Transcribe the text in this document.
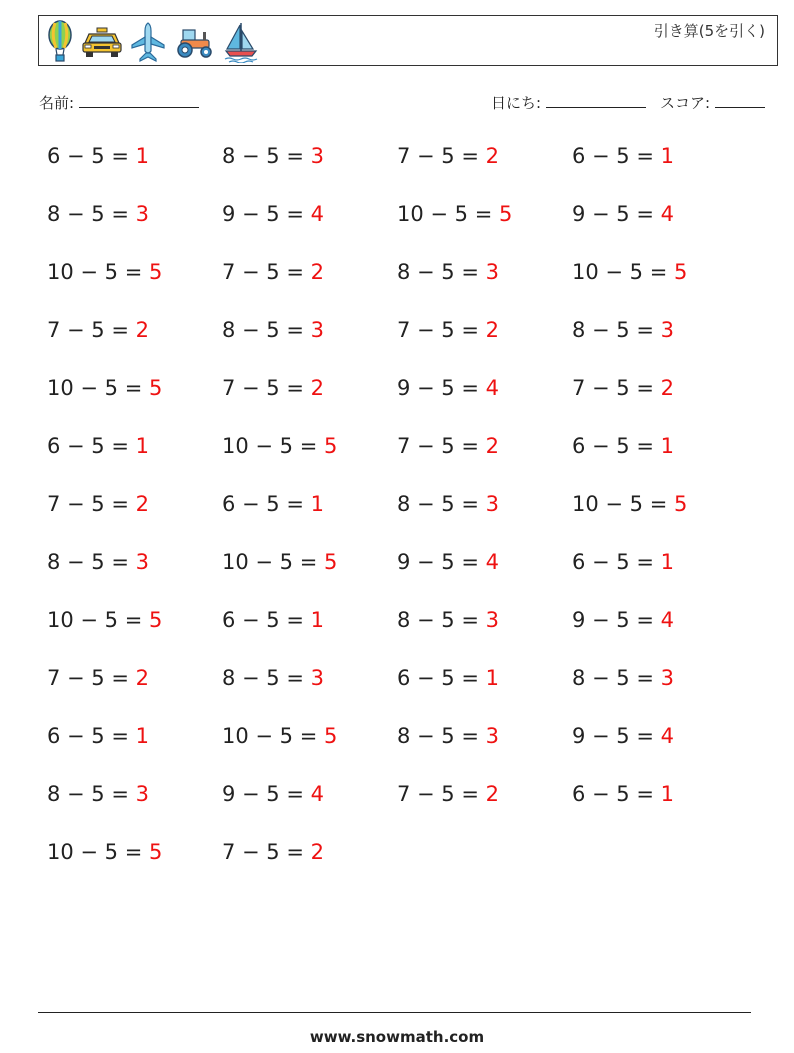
引き算(5を引く)
名前:	日にち:	スコア:
6 − 5 = 1	8 − 5 = 3	7 − 5 = 2	6 − 5 = 1
8 − 5 = 3	9 − 5 = 4	10 − 5 = 5	9 − 5 = 4
10 − 5 = 5	7 − 5 = 2	8 − 5 = 3	10 − 5 = 5
7 − 5 = 2	8 − 5 = 3	7 − 5 = 2	8 − 5 = 3
10 − 5 = 5	7 − 5 = 2	9 − 5 = 4	7 − 5 = 2
6 − 5 = 1	10 − 5 = 5	7 − 5 = 2	6 − 5 = 1
7 − 5 = 2	6 − 5 = 1	8 − 5 = 3	10 − 5 = 5
8 − 5 = 3	10 − 5 = 5	9 − 5 = 4	6 − 5 = 1
10 − 5 = 5	6 − 5 = 1	8 − 5 = 3	9 − 5 = 4
7 − 5 = 2	8 − 5 = 3	6 − 5 = 1	8 − 5 = 3
6 − 5 = 1	10 − 5 = 5	8 − 5 = 3	9 − 5 = 4
8 − 5 = 3	9 − 5 = 4	7 − 5 = 2	6 − 5 = 1
10 − 5 = 5	7 − 5 = 2
www.snowmath.com
